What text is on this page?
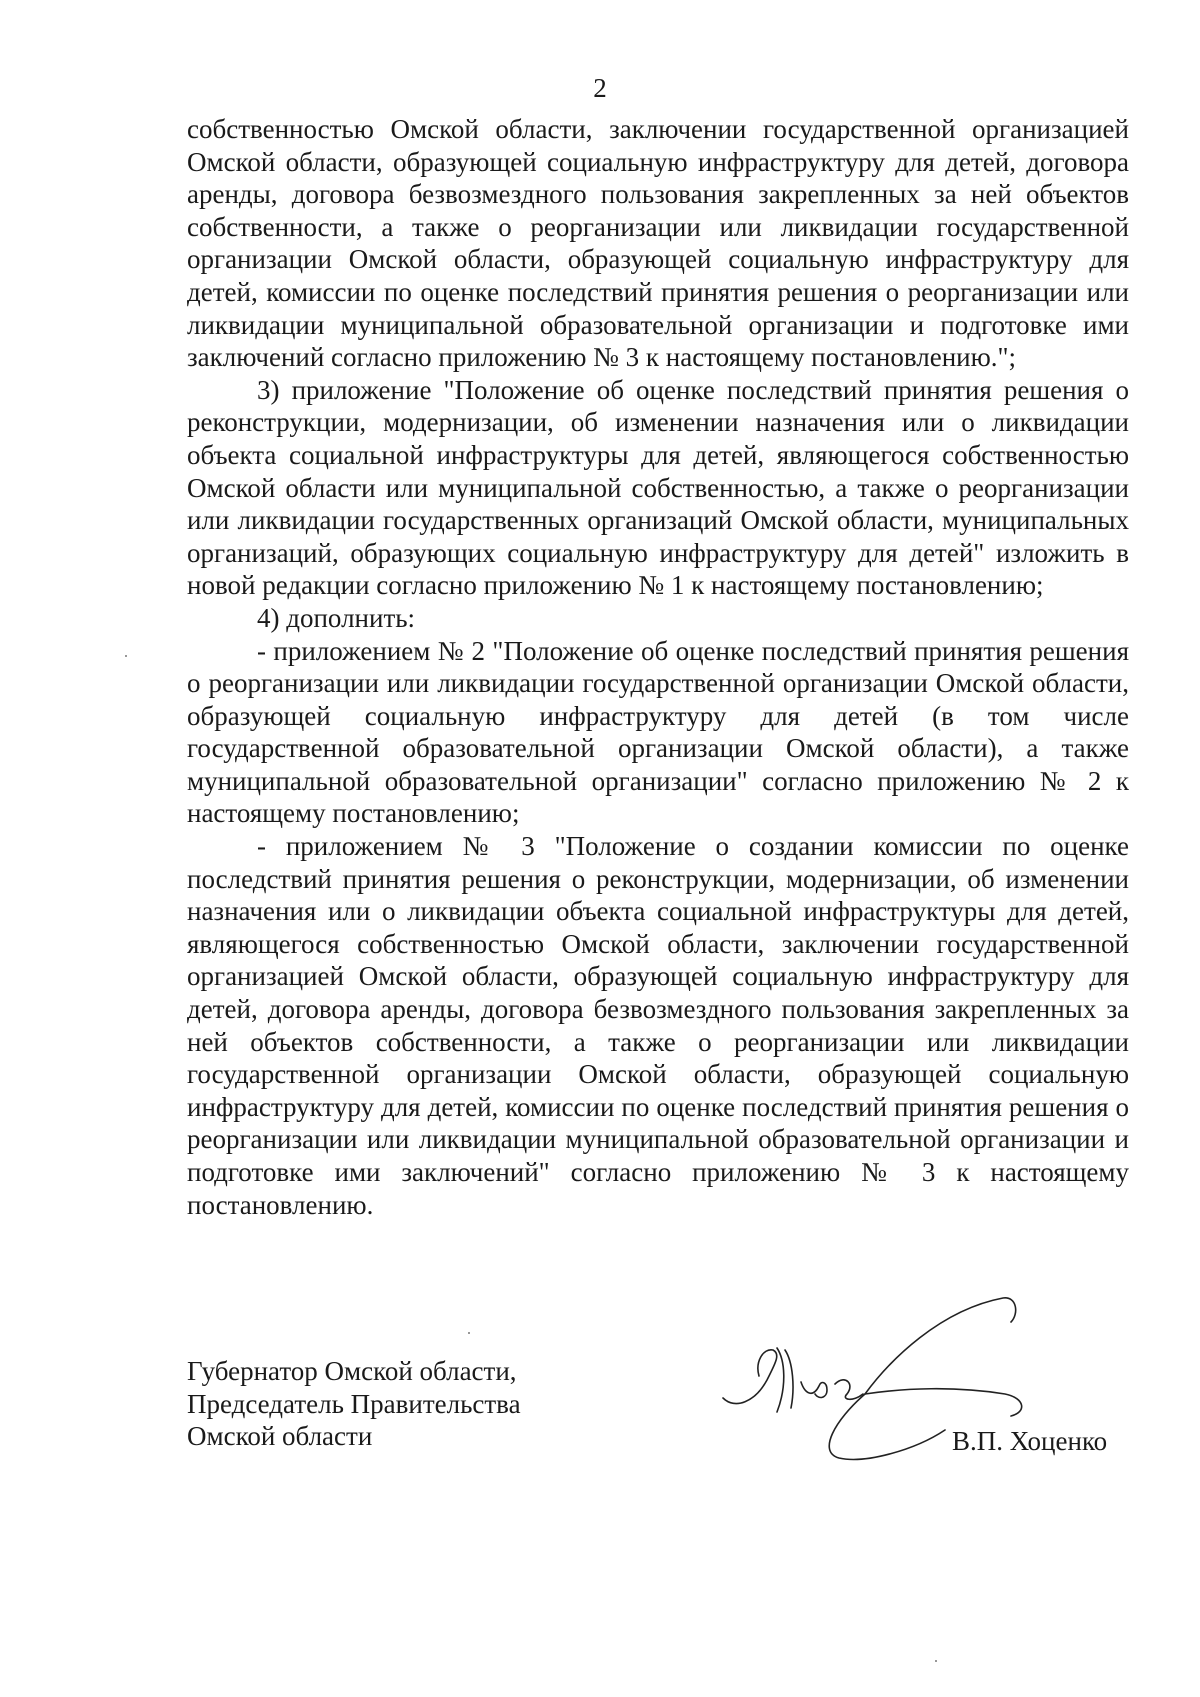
2

собственностью Омской области, заключении государственной организацией Омской области, образующей социальную инфраструктуру для детей, договора аренды, договора безвозмездного пользования закрепленных за ней объектов собственности, а также о реорганизации или ликвидации государственной организации Омской области, образующей социальную инфраструктуру для детей, комиссии по оценке последствий принятия решения о реорганизации или ликвидации муниципальной образовательной организации и подготовке ими заключений согласно приложению № 3 к настоящему постановлению.";

3) приложение "Положение об оценке последствий принятия решения о реконструкции, модернизации, об изменении назначения или о ликвидации объекта социальной инфраструктуры для детей, являющегося собственностью Омской области или муниципальной собственностью, а также о реорганизации или ликвидации государственных организаций Омской области, муниципальных организаций, образующих социальную инфраструктуру для детей" изложить в новой редакции согласно приложению № 1 к настоящему постановлению;

4) дополнить:

- приложением № 2 "Положение об оценке последствий принятия решения о реорганизации или ликвидации государственной организации Омской области, образующей социальную инфраструктуру для детей (в том числе государственной образовательной организации Омской области), а также муниципальной образовательной организации" согласно приложению № 2 к настоящему постановлению;

- приложением № 3 "Положение о создании комиссии по оценке последствий принятия решения о реконструкции, модернизации, об изменении назначения или о ликвидации объекта социальной инфраструктуры для детей, являющегося собственностью Омской области, заключении государственной организацией Омской области, образующей социальную инфраструктуру для детей, договора аренды, договора безвозмездного пользования закрепленных за ней объектов собственности, а также о реорганизации или ликвидации государственной организации Омской области, образующей социальную инфраструктуру для детей, комиссии по оценке последствий принятия решения о реорганизации или ликвидации муниципальной образовательной организации и подготовке ими заключений" согласно приложению № 3 к настоящему постановлению.

Губернатор Омской области,

Председатель Правительства

Омской области	В.П. Хоценко
